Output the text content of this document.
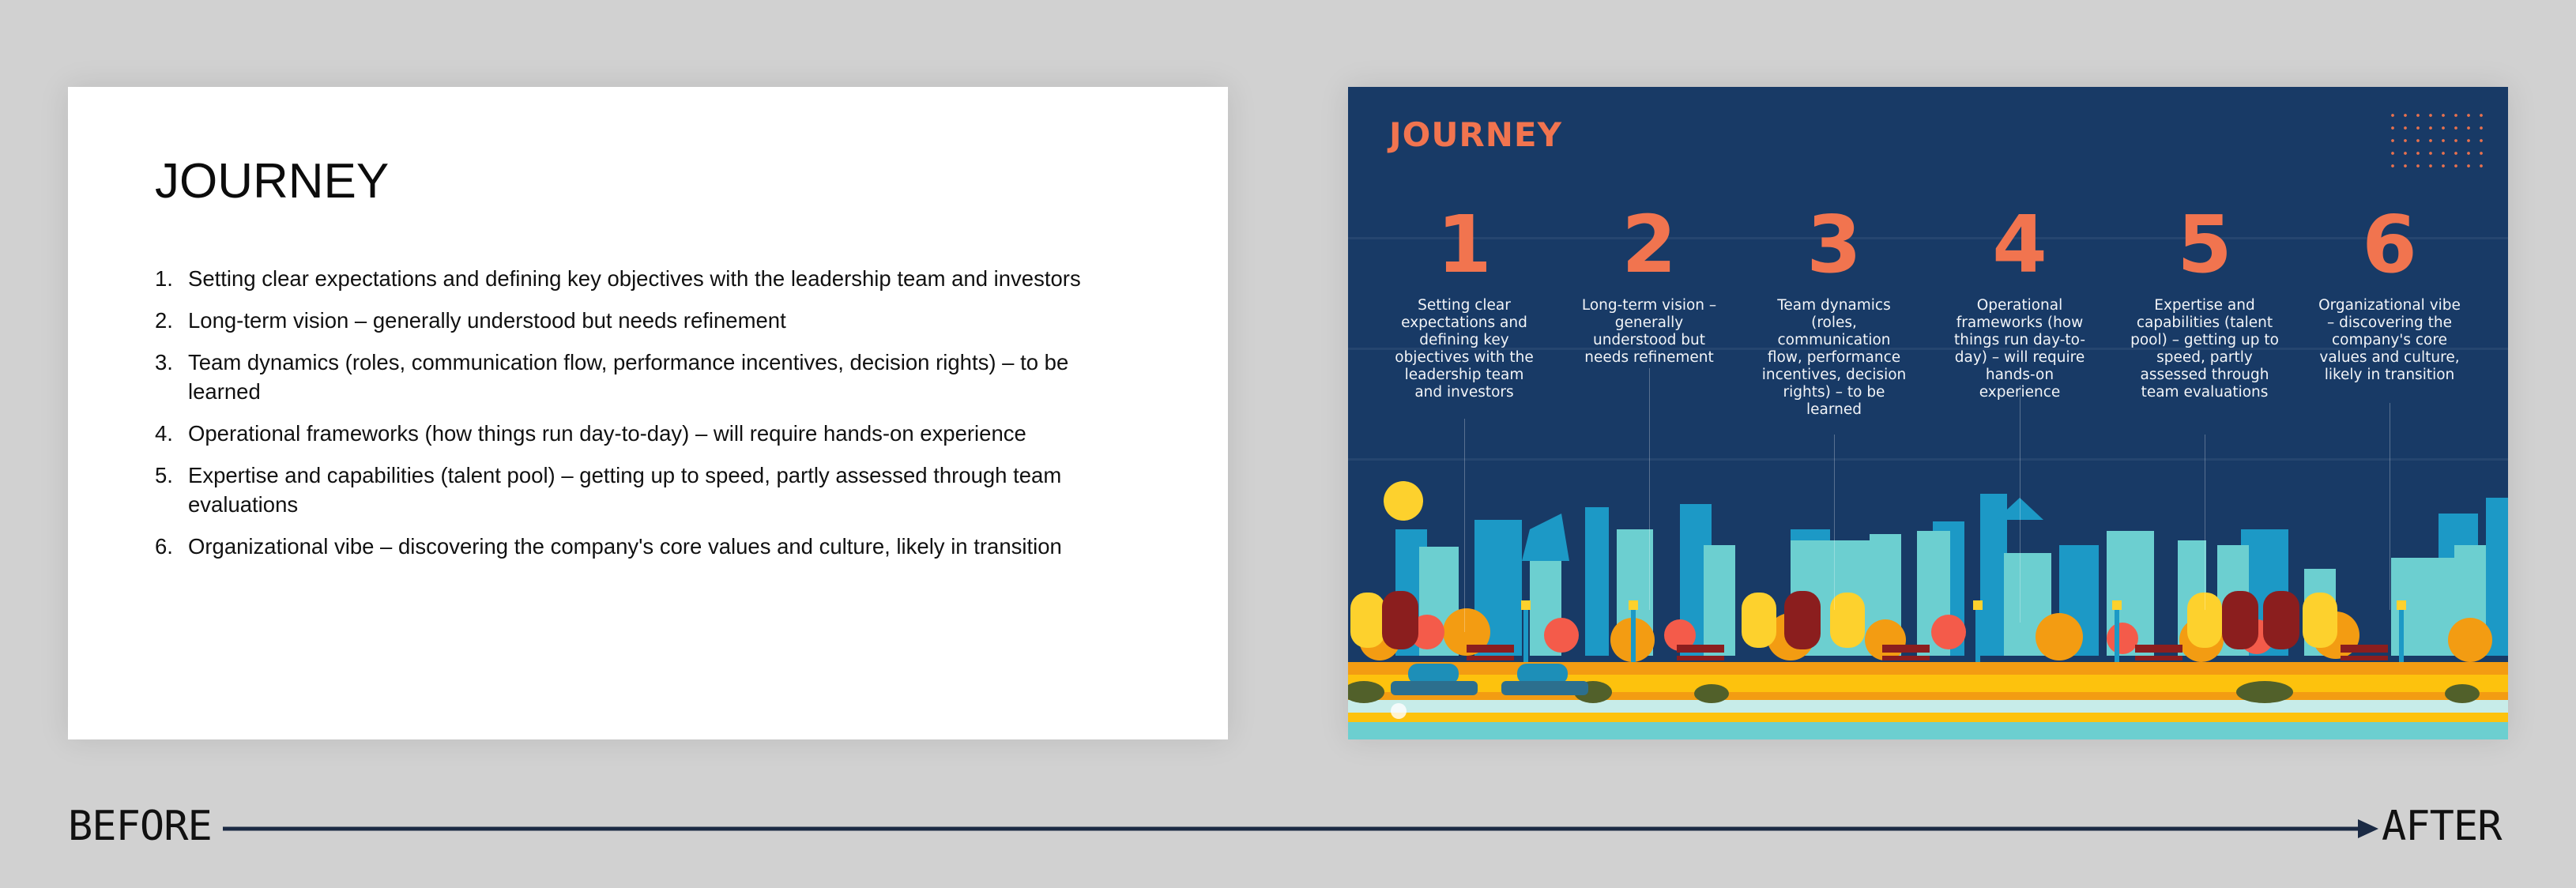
JOURNEY
1. Setting clear expectations and defining key objectives with the leadership team and investors
2. Long-term vision – generally understood but needs refinement
3. Team dynamics (roles, communication flow, performance incentives, decision rights) – to be learned
4. Operational frameworks (how things run day-to-day) – will require hands-on experience
5. Expertise and capabilities (talent pool) – getting up to speed, partly assessed through team evaluations
6. Organizational vibe – discovering the company's core values and culture, likely in transition
JOURNEY
1
Setting clear expectations and defining key objectives with the leadership team and investors
2
Long-term vision – generally understood but needs refinement
3
Team dynamics (roles, communication flow, performance incentives, decision rights) – to be learned
4
Operational frameworks (how things run day-to-day) – will require hands-on experience
5
Expertise and capabilities (talent pool) – getting up to speed, partly assessed through team evaluations
6
Organizational vibe – discovering the company's core values and culture, likely in transition
BEFORE	AFTER
